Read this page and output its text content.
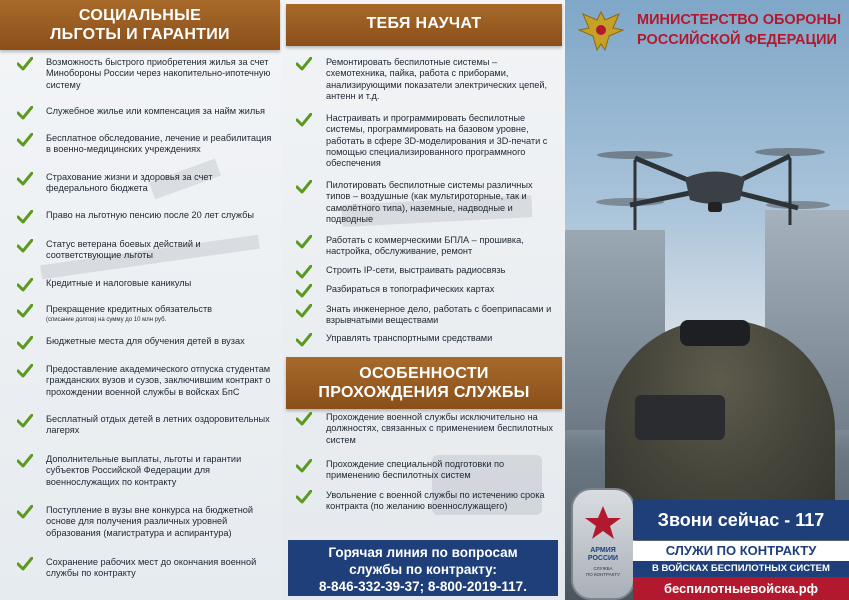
СОЦИАЛЬНЫЕ
ЛЬГОТЫ И ГАРАНТИИ
ТЕБЯ НАУЧАТ
ОСОБЕННОСТИ
ПРОХОЖДЕНИЯ СЛУЖБЫ
МИНИСТЕРСТВО ОБОРОНЫ
РОССИЙСКОЙ ФЕДЕРАЦИИ
АРМИЯ
РОССИИ
СЛУЖБА
ПО КОНТРАКТУ
Звони сейчас - 117
СЛУЖИ ПО КОНТРАКТУ
В ВОЙСКАХ БЕСПИЛОТНЫХ СИСТЕМ
беспилотныевойска.рф
Возможность быстрого приобретения жилья за счет Минобороны России через накопительно-ипотечную систему
Служебное жилье или компенсация за найм жилья
Бесплатное обследование, лечение и реабилитация в военно-медицинских учреждениях
Страхование жизни и здоровья за счет федерального бюджета
Право на льготную пенсию после 20 лет службы
Статус ветерана боевых действий и соответствующие льготы
Кредитные и налоговые каникулы
Прекращение кредитных обязательств
(списание долгов) на сумму до 10 млн руб.
Бюджетные места для обучения детей в вузах
Предоставление академического отпуска студентам гражданских вузов и сузов, заключившим контракт о прохождении военной службы в войсках БпС
Бесплатный отдых детей в летних оздоровительных лагерях
Дополнительные выплаты, льготы и гарантии субъектов Российской Федерации для военнослужащих по контракту
Поступление в вузы вне конкурса на бюджетной основе для получения различных уровней образования (магистратура и аспирантура)
Сохранение рабочих мест до окончания военной службы по контракту
Ремонтировать беспилотные системы – схемотехника, пайка, работа с приборами, анализирующими показатели электрических цепей, антенн и т.д.
Настраивать и программировать беспилотные системы, программировать на базовом уровне, работать в сфере 3D-моделирования и 3D-печати с помощью специализированного программного обеспечения
Пилотировать беспилотные системы различных типов – воздушные (как мультироторные, так и самолётного типа), наземные, надводные и подводные
Работать с коммерческими БПЛА – прошивка, настройка, обслуживание, ремонт
Строить IP-сети, выстраивать радиосвязь
Разбираться в топографических картах
Знать инженерное дело, работать с боеприпасами и взрывчатыми веществами
Управлять транспортными средствами
Прохождение военной службы исключительно на должностях, связанных с применением беспилотных систем
Прохождение специальной подготовки по применению беспилотных систем
Увольнение с военной службы по истечению срока контракта (по желанию военнослужащего)
Горячая линия по вопросам
службы по контракту:
8-846-332-39-37; 8-800-2019-117.
